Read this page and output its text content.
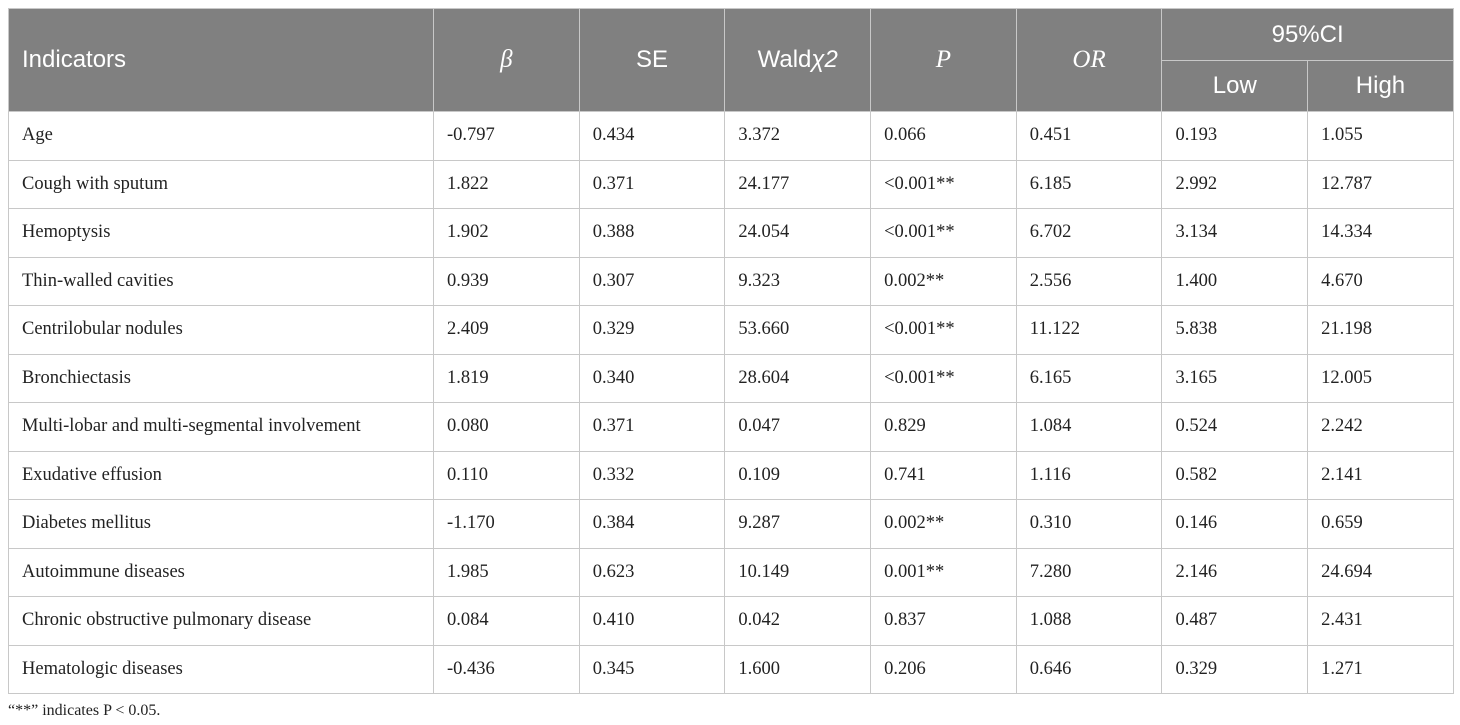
Indicators	β	SE	Waldχ2	P	OR	95%CI	
						Low	High
Age	-0.797	0.434	3.372	0.066	0.451	0.193	1.055
Cough with sputum	1.822	0.371	24.177	<0.001**	6.185	2.992	12.787
Hemoptysis	1.902	0.388	24.054	<0.001**	6.702	3.134	14.334
Thin-walled cavities	0.939	0.307	9.323	0.002**	2.556	1.400	4.670
Centrilobular nodules	2.409	0.329	53.660	<0.001**	11.122	5.838	21.198
Bronchiectasis	1.819	0.340	28.604	<0.001**	6.165	3.165	12.005
Multi-lobar and multi-segmental involvement	0.080	0.371	0.047	0.829	1.084	0.524	2.242
Exudative effusion	0.110	0.332	0.109	0.741	1.116	0.582	2.141
Diabetes mellitus	-1.170	0.384	9.287	0.002**	0.310	0.146	0.659
Autoimmune diseases	1.985	0.623	10.149	0.001**	7.280	2.146	24.694
Chronic obstructive pulmonary disease	0.084	0.410	0.042	0.837	1.088	0.487	2.431
Hematologic diseases	-0.436	0.345	1.600	0.206	0.646	0.329	1.271
“**” indicates P < 0.05.
